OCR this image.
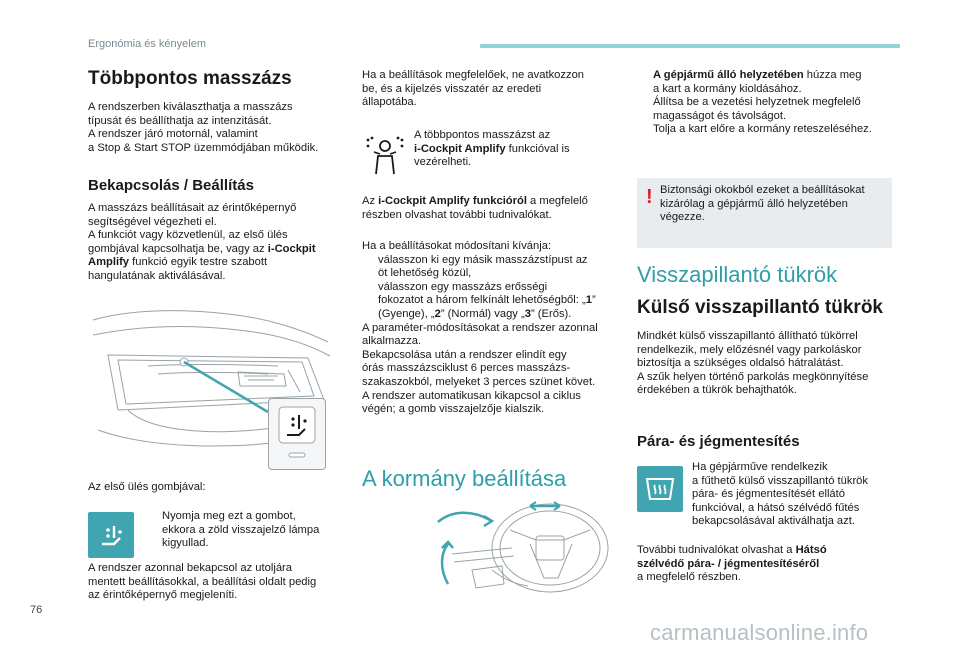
Ergonómia és kényelem
Többpontos masszázs

A rendszerben kiválaszthatja a masszázs

típusát és beállíthatja az intenzitását.

A rendszer járó motornál, valamint

a Stop & Start STOP üzemmódjában működik.

Bekapcsolás / Beállítás

A masszázs beállításait az érintőképernyő

segítségével végezheti el.

A funkciót vagy közvetlenül, az első ülés

gombjával kapcsolhatja be, vagy az i-Cockpit

Amplify funkció egyik testre szabott

hangulatának aktiválásával.

Az első ülés gombjával:

Nyomja meg ezt a gombot,

ekkora a zöld visszajelző lámpa

kigyullad.

A rendszer azonnal bekapcsol az utoljára

mentett beállításokkal, a beállítási oldalt pedig

az érintőképernyő megjeleníti.

Ha a beállítások megfelelőek, ne avatkozzon

be, és a kijelzés visszatér az eredeti

állapotába.

A többpontos masszázst az

i-Cockpit Amplify funkcióval is

vezérelheti.

Az i-Cockpit Amplify funkcióról a megfelelő

részben olvashat további tudnivalókat.

Ha a beállításokat módosítani kívánja:

válasszon ki egy másik masszázstípust az

öt lehetőség közül,

válasszon egy masszázs erősségi

fokozatot a három felkínált lehetőségből: „1”

(Gyenge), „2” (Normál) vagy „3” (Erős).

A paraméter-módosításokat a rendszer azonnal

alkalmazza.

Bekapcsolása után a rendszer elindít egy

órás masszázsciklust 6 perces masszázs-

szakaszokból, melyeket 3 perces szünet követ.

A rendszer automatikusan kikapcsol a ciklus

végén; a gomb visszajelzője kialszik.

A kormány beállítása

A gépjármű álló helyzetében húzza meg

a kart a kormány kioldásához.

Állítsa be a vezetési helyzetnek megfelelő

magasságot és távolságot.

Tolja a kart előre a kormány reteszeléséhez.
! Biztonsági okokból ezeket a beállításokat

kizárólag a gépjármű álló helyzetében

végezze.

Visszapillantó tükrök
Külső visszapillantó tükrök

Mindkét külső visszapillantó állítható tükörrel

rendelkezik, mely előzésnél vagy parkoláskor

biztosítja a szükséges oldalsó hátralátást.

A szűk helyen történő parkolás megkönnyítése

érdekében a tükrök behajthatók.

Pára- és jégmentesítés

Ha gépjárműve rendelkezik

a fűthető külső visszapillantó tükrök

pára- és jégmentesítését ellátó

funkcióval, a hátsó szélvédő fűtés

bekapcsolásával aktiválhatja azt.

További tudnivalókat olvashat a Hátsó

szélvédő pára- / jégmentesítéséről

a megfelelő részben.

76
carmanualsonline.info
